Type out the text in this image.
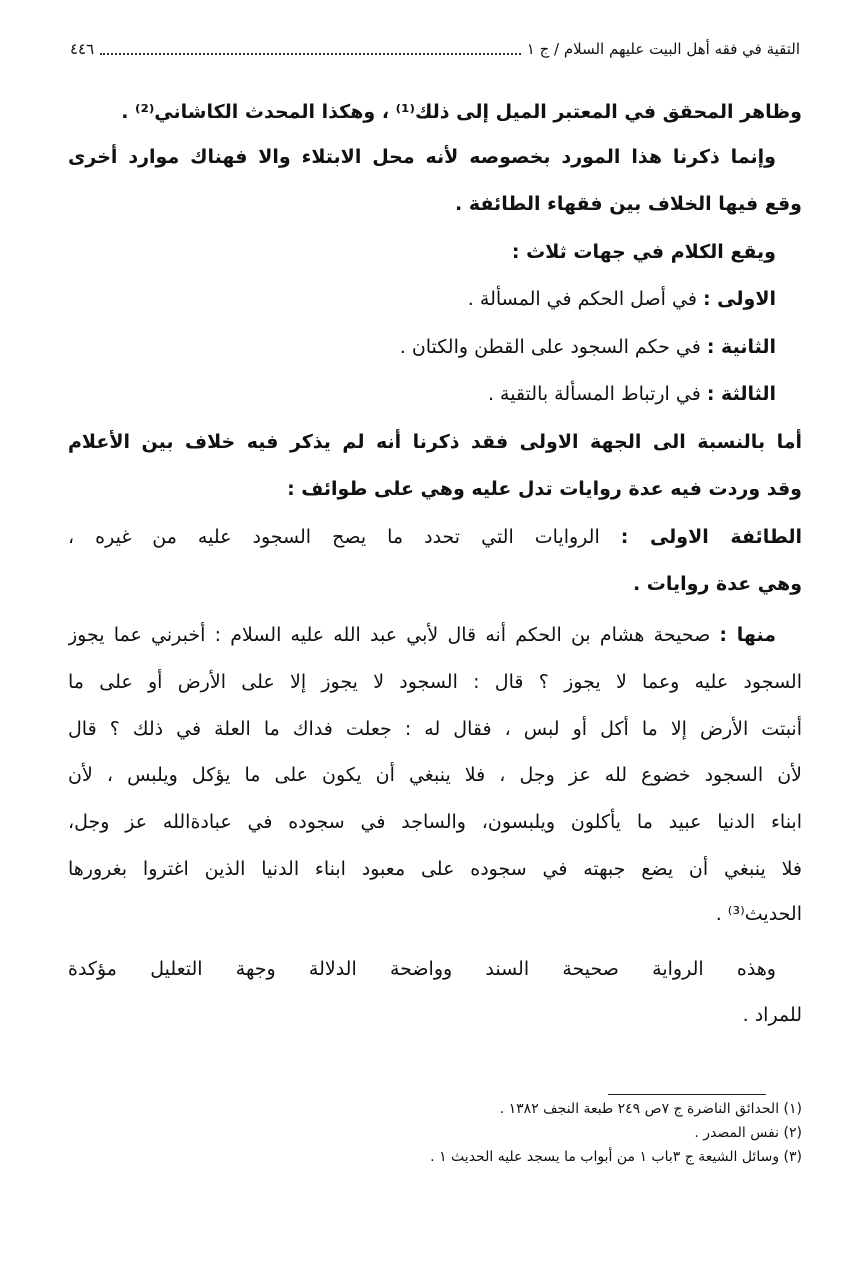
التقية في فقه أهل البيت عليهم السلام / ج ١
٤٤٦
وظاهر المحقق في المعتبر الميل إلى ذلك⁽¹⁾ ، وهكذا المحدث الكاشاني⁽²⁾ .
وإنما ذكرنا هذا المورد بخصوصه لأنه محل الابتلاء والا فهناك موارد أخرى
وقع فيها الخلاف بين فقهاء الطائفة .
ويقع الكلام في جهات ثلاث :
الاولى : في أصل الحكم في المسألة .
الثانية : في حكم السجود على القطن والكتان .
الثالثة : في ارتباط المسألة بالتقية .
أما بالنسبة الى الجهة الاولى فقد ذكرنا أنه لم يذكر فيه خلاف بين الأعلام
وقد وردت فيه عدة روايات تدل عليه وهي على طوائف :
الطائفة الاولى : الروايات التي تحدد ما يصح السجود عليه من غيره ،
وهي عدة روايات .
منها : صحيحة هشام بن الحكم أنه قال لأبي عبد الله عليه السلام : أخبرني عما يجوز
السجود عليه وعما لا يجوز ؟ قال : السجود لا يجوز إلا على الأرض أو على ما
أنبتت الأرض إلا ما أكل أو لبس ، فقال له : جعلت فداك ما العلة في ذلك ؟ قال
لأن السجود خضوع لله عز وجل ، فلا ينبغي أن يكون على ما يؤكل ويلبس ، لأن
ابناء الدنيا عبيد ما يأكلون ويلبسون، والساجد في سجوده في عبادةالله عز وجل،
فلا ينبغي أن يضع جبهته في سجوده على معبود ابناء الدنيا الذين اغتروا بغرورها
الحديث⁽³⁾ .
وهذه الرواية صحيحة السند وواضحة الدلالة وجهة التعليل مؤكدة
للمراد .
(١) الحدائق الناضرة ج ٧ص ٢٤٩ طبعة النجف ١٣٨٢ .
(٢) نفس المصدر .
(٣) وسائل الشيعة ج ٣باب ١ من أبواب ما يسجد عليه الحديث ١ .
